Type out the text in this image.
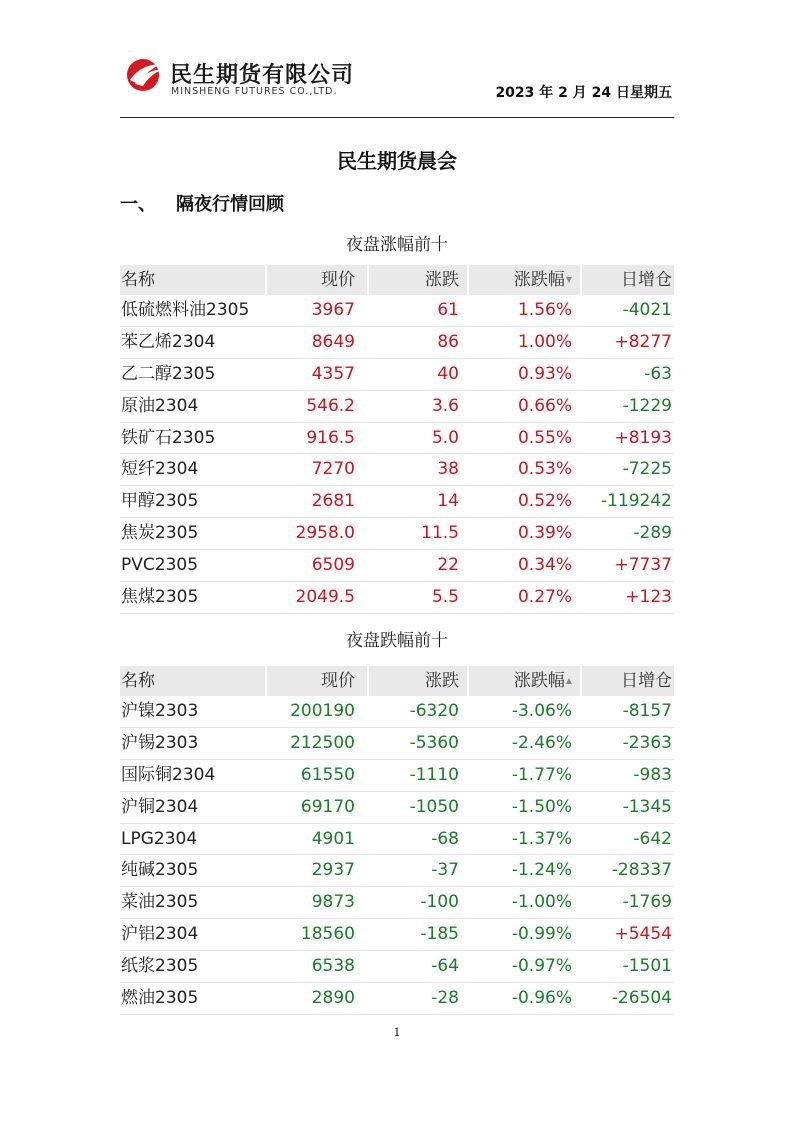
民生期货有限公司
MINSHENG FUTURES CO.,LTD.	2023 年 2 月 24 日星期五
民生期货晨会
一、 隔夜行情回顾
夜盘涨幅前十
名称	现价	涨跌	涨跌幅▼	日增仓
低硫燃料油2305	3967	61	1.56%	-4021
苯乙烯2304	8649	86	1.00%	+8277
乙二醇2305	4357	40	0.93%	-63
原油2304	546.2	3.6	0.66%	-1229
铁矿石2305	916.5	5.0	0.55%	+8193
短纤2304	7270	38	0.53%	-7225
甲醇2305	2681	14	0.52%	-119242
焦炭2305	2958.0	11.5	0.39%	-289
PVC2305	6509	22	0.34%	+7737
焦煤2305	2049.5	5.5	0.27%	+123
夜盘跌幅前十
名称	现价	涨跌	涨跌幅▲	日增仓
沪镍2303	200190	-6320	-3.06%	-8157
沪锡2303	212500	-5360	-2.46%	-2363
国际铜2304	61550	-1110	-1.77%	-983
沪铜2304	69170	-1050	-1.50%	-1345
LPG2304	4901	-68	-1.37%	-642
纯碱2305	2937	-37	-1.24%	-28337
菜油2305	9873	-100	-1.00%	-1769
沪铝2304	18560	-185	-0.99%	+5454
纸浆2305	6538	-64	-0.97%	-1501
燃油2305	2890	-28	-0.96%	-26504
1
